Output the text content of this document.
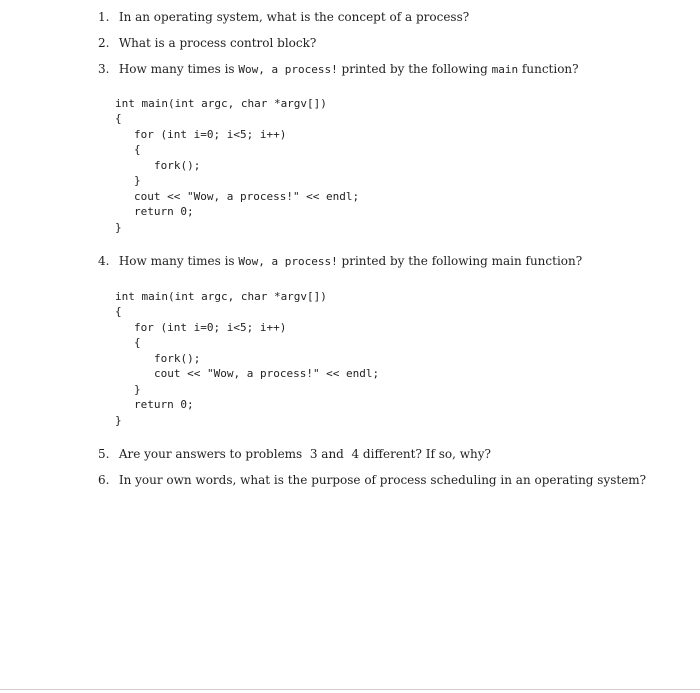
1. In an operating system, what is the concept of a process?
2. What is a process control block?
3. How many times is Wow, a process! printed by the following main function?
int main(int argc, char *argv[])
{
for (int i=0; i<5; i++)
{
fork();
}
cout << "Wow, a process!" << endl;
return 0;
}
4. How many times is Wow, a process! printed by the following main function?
int main(int argc, char *argv[])
{
for (int i=0; i<5; i++)
{
fork();
cout << "Wow, a process!" << endl;
}
return 0;
}
5. Are your answers to problems  3 and  4 different? If so, why?
6. In your own words, what is the purpose of process scheduling in an operating system?
